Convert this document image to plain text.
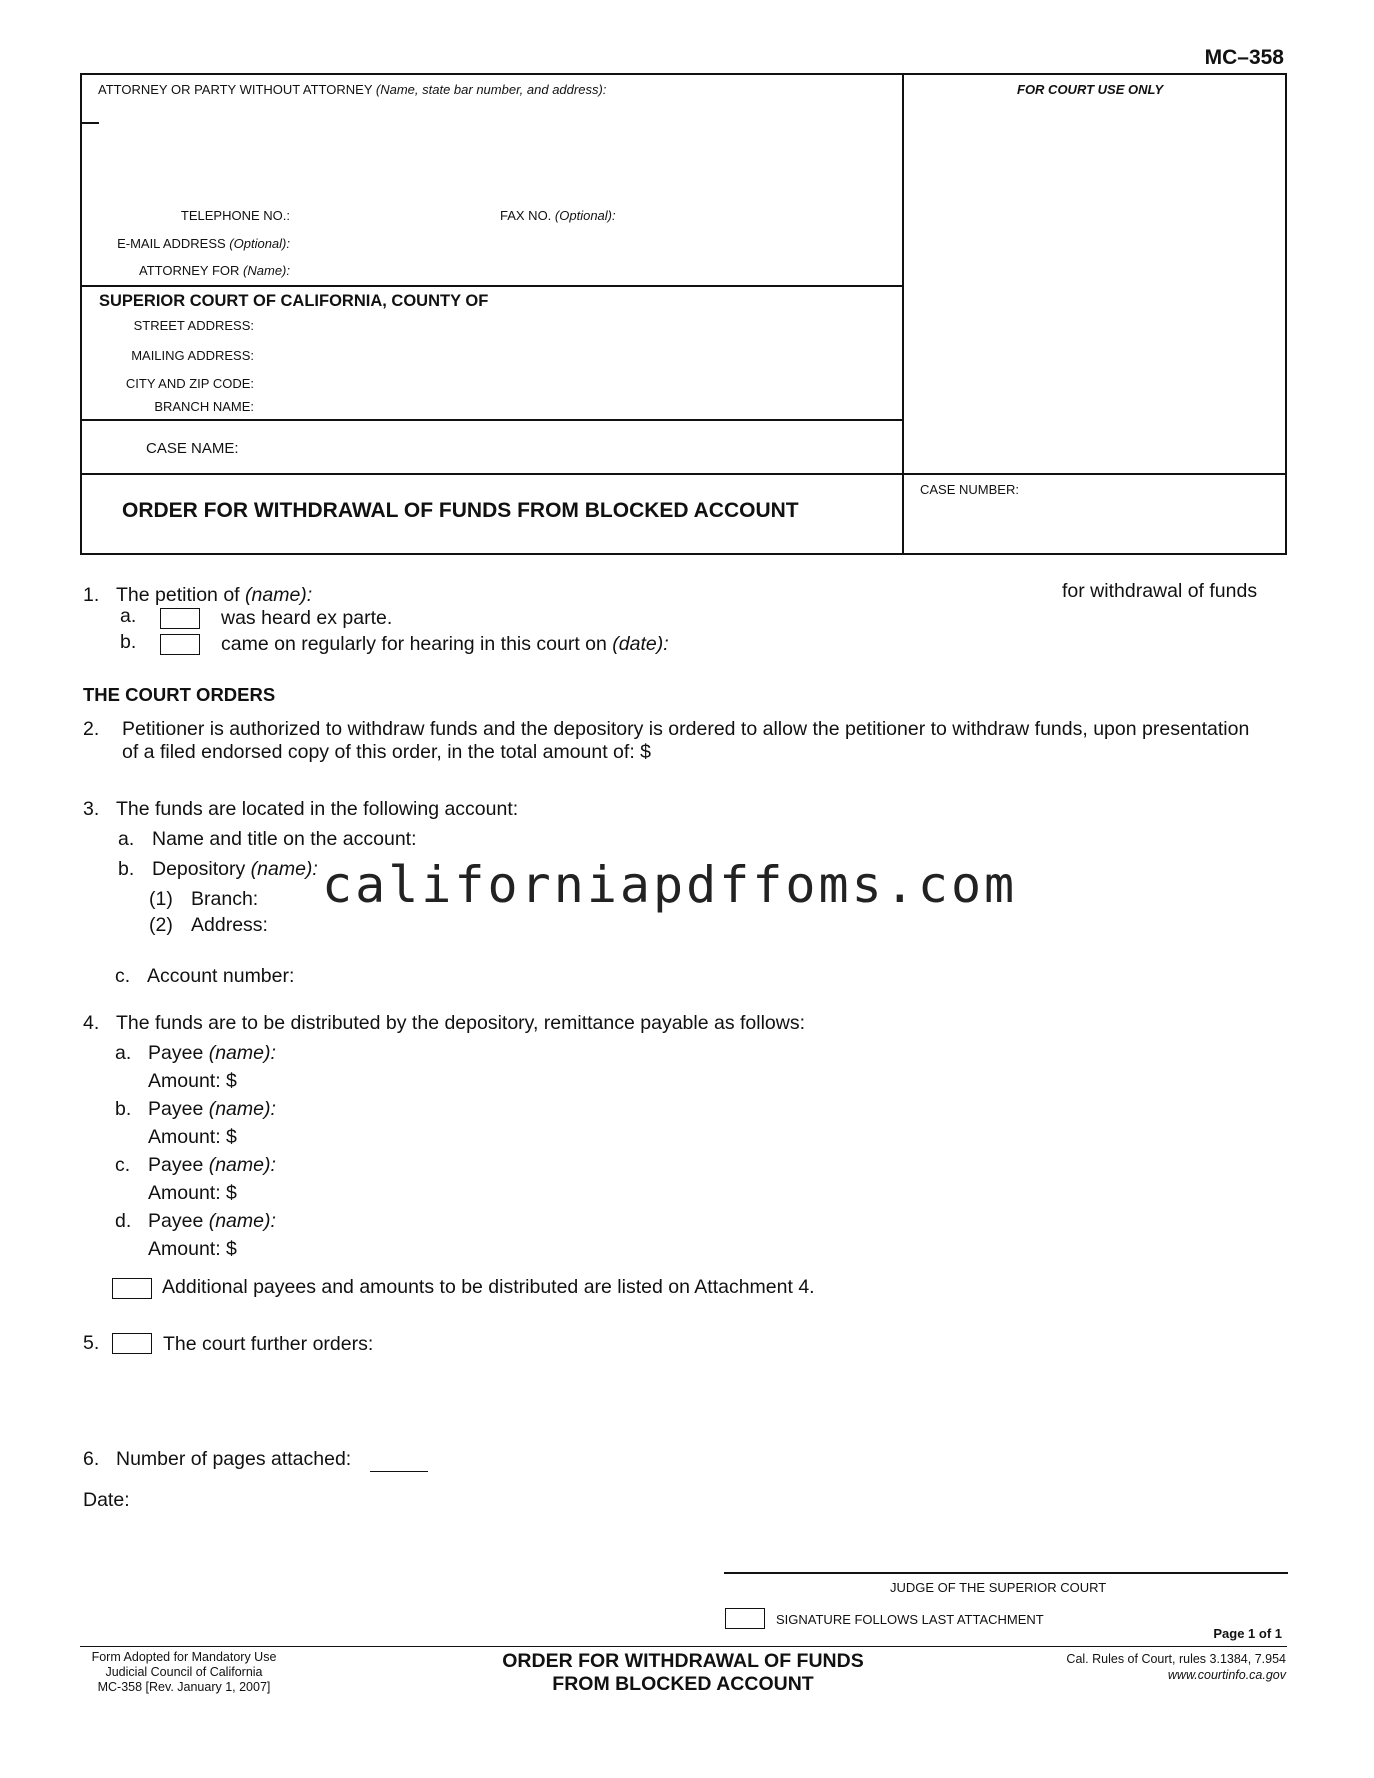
MC–358
ATTORNEY OR PARTY WITHOUT ATTORNEY (Name, state bar number, and address):	FOR COURT USE ONLY
TELEPHONE NO.:	FAX NO. (Optional):
E-MAIL ADDRESS (Optional):
ATTORNEY FOR (Name):
SUPERIOR COURT OF CALIFORNIA, COUNTY OF
STREET ADDRESS:
MAILING ADDRESS:
CITY AND ZIP CODE:
BRANCH NAME:
CASE NAME:
ORDER FOR WITHDRAWAL OF FUNDS FROM BLOCKED ACCOUNT
CASE NUMBER:
1. The petition of (name):	for withdrawal of funds
a.	was heard ex parte.
b.	came on regularly for hearing in this court on (date):
THE COURT ORDERS
2. Petitioner is authorized to withdraw funds and the depository is ordered to allow the petitioner to withdraw funds, upon presentation
of a filed endorsed copy of this order, in the total amount of: $
3. The funds are located in the following account:
a. Name and title on the account:
b. Depository (name):
(1) Branch:
(2) Address:
c. Account number:
californiapdffoms.com
4. The funds are to be distributed by the depository, remittance payable as follows:
a. Payee (name):
Amount: $
b. Payee (name):
Amount: $
c. Payee (name):
Amount: $
d. Payee (name):
Amount: $
Additional payees and amounts to be distributed are listed on Attachment 4.
5.	The court further orders:
6. Number of pages attached:
Date:
JUDGE OF THE SUPERIOR COURT
SIGNATURE FOLLOWS LAST ATTACHMENT
Page 1 of 1
Form Adopted for Mandatory Use
Judicial Council of California
MC-358 [Rev. January 1, 2007]
ORDER FOR WITHDRAWAL OF FUNDS
FROM BLOCKED ACCOUNT
Cal. Rules of Court, rules 3.1384, 7.954
www.courtinfo.ca.gov
